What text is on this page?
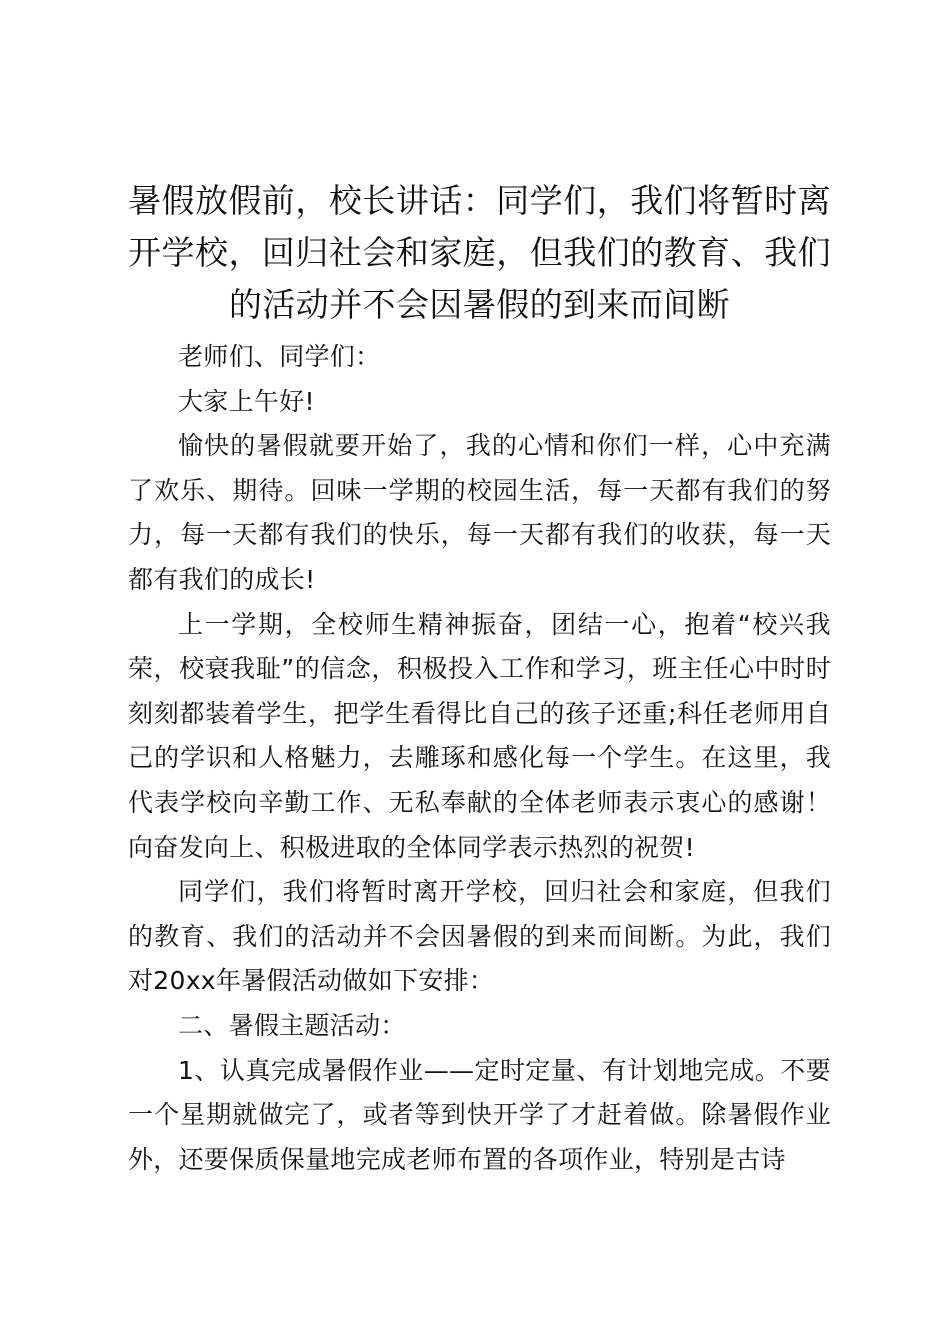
暑假放假前，校长讲话：同学们，我们将暂时离开学校，回归社会和家庭，但我们的教育、我们的活动并不会因暑假的到来而间断

老师们、同学们：

大家上午好!

愉快的暑假就要开始了，我的心情和你们一样，心中充满了欢乐、期待。回味一学期的校园生活，每一天都有我们的努力，每一天都有我们的快乐，每一天都有我们的收获，每一天都有我们的成长!

上一学期，全校师生精神振奋，团结一心，抱着“校兴我荣，校衰我耻”的信念，积极投入工作和学习，班主任心中时时刻刻都装着学生，把学生看得比自己的孩子还重;科任老师用自己的学识和人格魅力，去雕琢和感化每一个学生。在这里，我代表学校向辛勤工作、无私奉献的全体老师表示衷心的感谢！向奋发向上、积极进取的全体同学表示热烈的祝贺!

同学们，我们将暂时离开学校，回归社会和家庭，但我们的教育、我们的活动并不会因暑假的到来而间断。为此，我们对20xx年暑假活动做如下安排：

二、暑假主题活动：

1、认真完成暑假作业——定时定量、有计划地完成。不要一个星期就做完了，或者等到快开学了才赶着做。除暑假作业外，还要保质保量地完成老师布置的各项作业，特别是古诗
